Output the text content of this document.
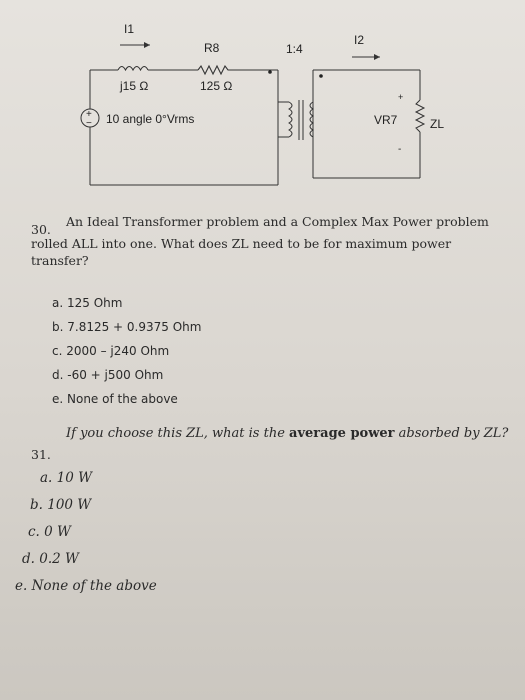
I1
R8
j15 Ω	125 Ω
+
− 10 angle 0°Vrms
1:4
I2
+
-
VR7	ZL
30.
An Ideal Transformer problem and a Complex Max Power problem
rolled ALL into one. What does ZL need to be for maximum power transfer?
a. 125 Ohm
b. 7.8125 + 0.9375 Ohm
c. 2000 – j240 Ohm
d. -60 + j500 Ohm
e. None of the above
31.
If you choose this ZL, what is the average power absorbed by ZL?
a. 10 W
b. 100 W
c. 0 W
d. 0.2 W
e. None of the above
